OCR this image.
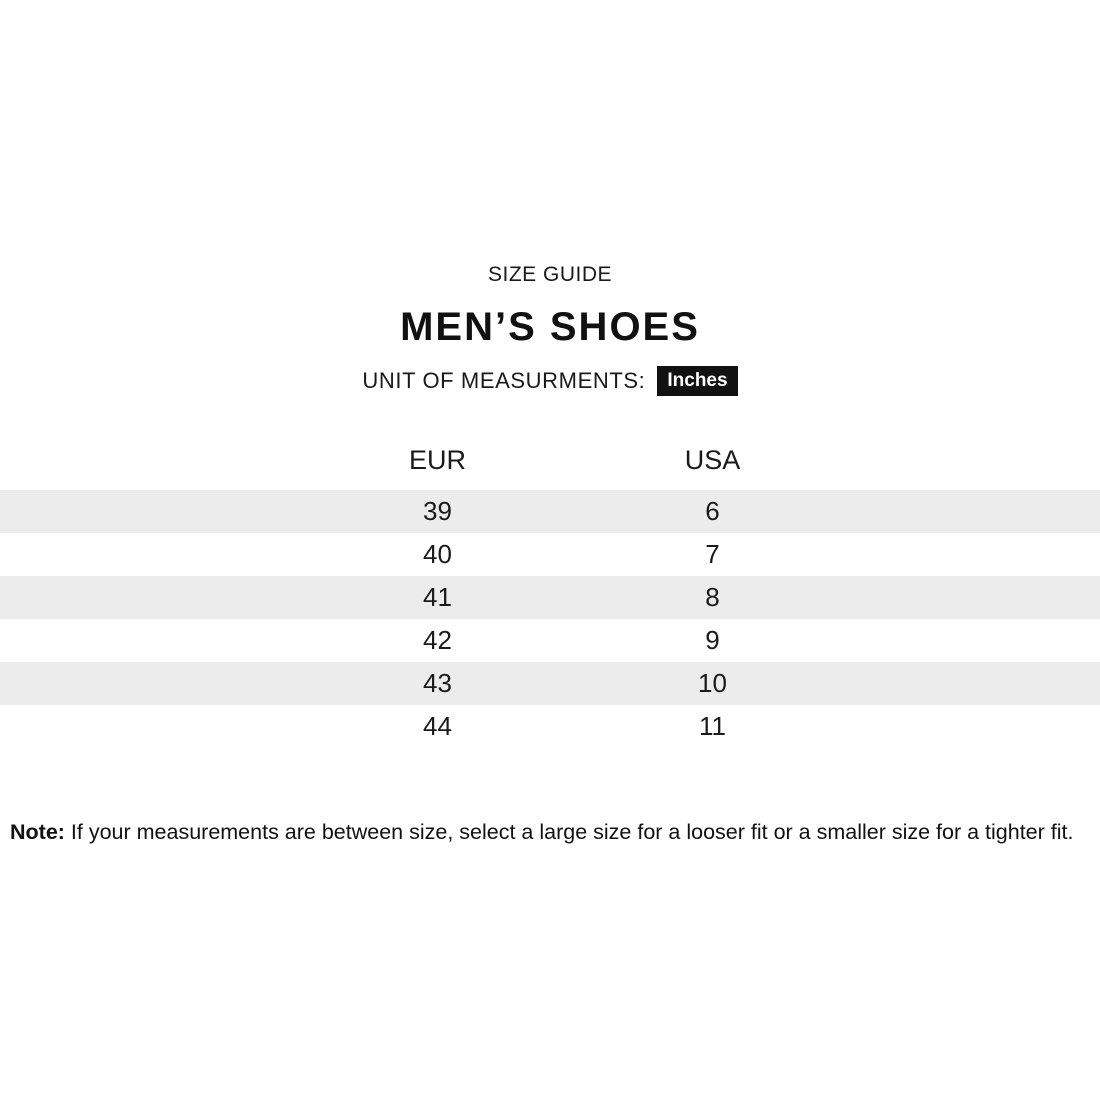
SIZE GUIDE
MEN’S SHOES
UNIT OF MEASURMENTS:	Inches
	EUR	USA	
	39	6	
	40	7	
	41	8	
	42	9	
	43	10	
	44	11	
Note: If your measurements are between size, select a large size for a looser fit or a smaller size for a tighter fit.
